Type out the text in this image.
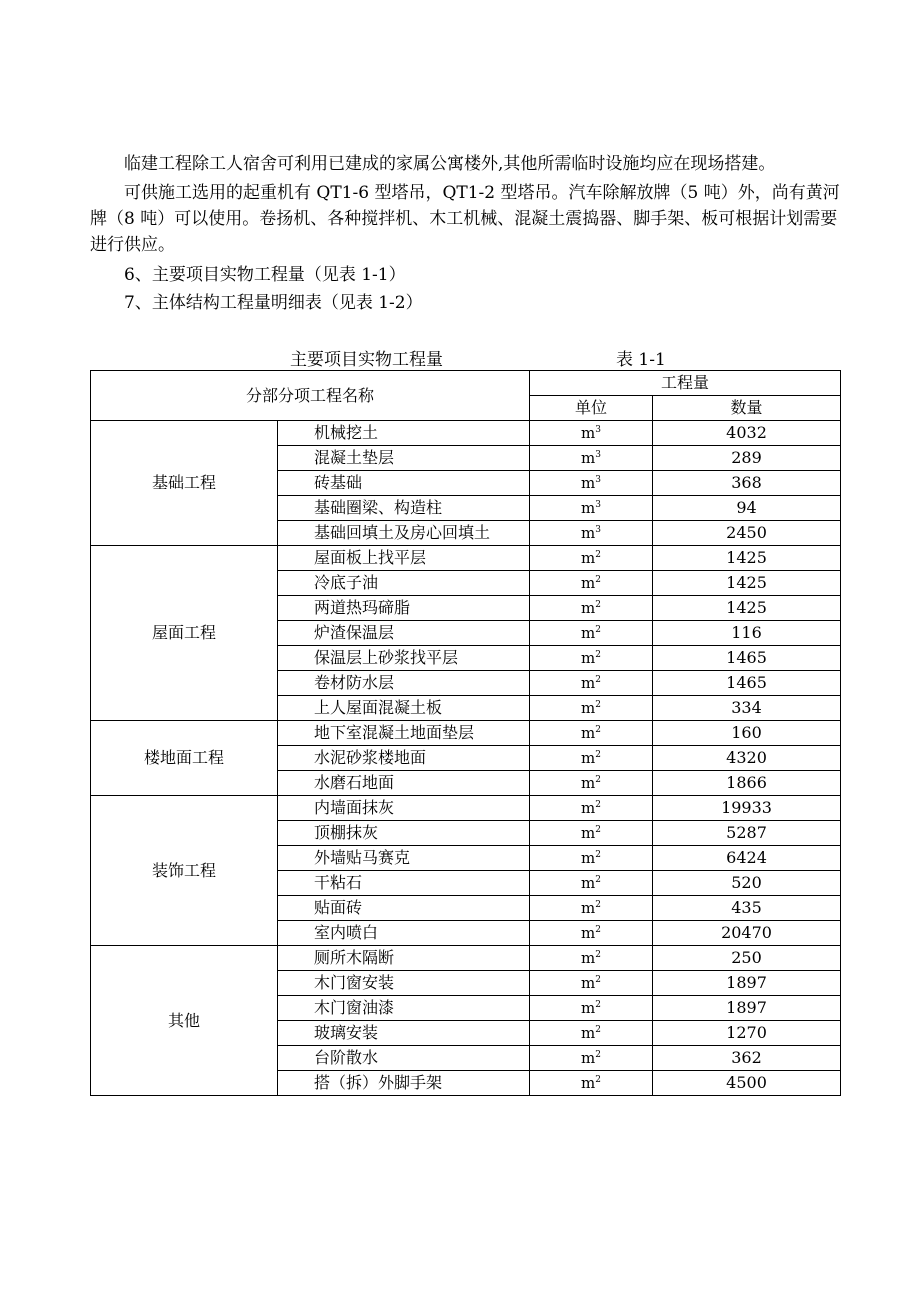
临建工程除工人宿舍可利用已建成的家属公寓楼外,其他所需临时设施均应在现场搭建。

可供施工选用的起重机有 QT1-6 型塔吊，QT1-2 型塔吊。汽车除解放牌（5 吨）外，尚有黄河牌（8 吨）可以使用。卷扬机、各种搅拌机、木工机械、混凝土震捣器、脚手架、板可根据计划需要进行供应。

6、主要项目实物工程量（见表 1-1）

7、主体结构工程量明细表（见表 1-2）

主要项目实物工程量	表 1-1
分部分项工程名称		工程量	
		单位	数量
基础工程	机械挖土	$m^3$	4032
	混凝土垫层	$m^3$	289
	砖基础	$m^3$	368
	基础圈梁、构造柱	$m^3$	94
	基础回填土及房心回填土	$m^3$	2450
屋面工程	屋面板上找平层	$m^2$	1425
	冷底子油	$m^2$	1425
	两道热玛碲脂	$m^2$	1425
	炉渣保温层	$m^2$	116
	保温层上砂浆找平层	$m^2$	1465
	卷材防水层	$m^2$	1465
	上人屋面混凝土板	$m^2$	334
楼地面工程	地下室混凝土地面垫层	$m^2$	160
	水泥砂浆楼地面	$m^2$	4320
	水磨石地面	$m^2$	1866
装饰工程	内墙面抹灰	$m^2$	19933
	顶棚抹灰	$m^2$	5287
	外墙贴马赛克	$m^2$	6424
	干粘石	$m^2$	520
	贴面砖	$m^2$	435
	室内喷白	$m^2$	20470
其他	厕所木隔断	$m^2$	250
	木门窗安装	$m^2$	1897
	木门窗油漆	$m^2$	1897
	玻璃安装	$m^2$	1270
	台阶散水	$m^2$	362
	搭（拆）外脚手架	$m^2$	4500
